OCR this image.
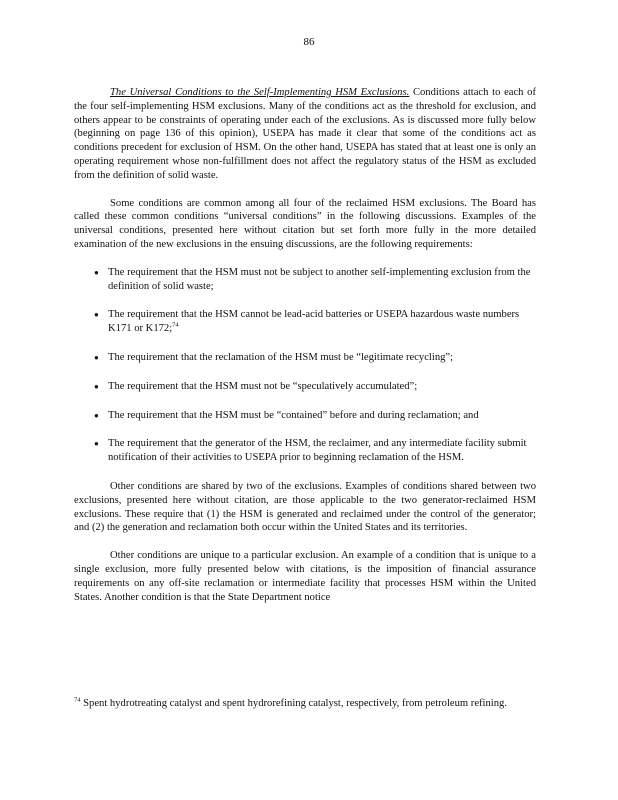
86

The Universal Conditions to the Self-Implementing HSM Exclusions. Conditions attach to each of the four self-implementing HSM exclusions. Many of the conditions act as the threshold for exclusion, and others appear to be constraints of operating under each of the exclusions. As is discussed more fully below (beginning on page 136 of this opinion), USEPA has made it clear that some of the conditions act as conditions precedent for exclusion of HSM. On the other hand, USEPA has stated that at least one is only an operating requirement whose non-fulfillment does not affect the regulatory status of the HSM as excluded from the definition of solid waste.

Some conditions are common among all four of the reclaimed HSM exclusions. The Board has called these common conditions “universal conditions” in the following discussions. Examples of the universal conditions, presented here without citation but set forth more fully in the more detailed examination of the new exclusions in the ensuing discussions, are the following requirements:

● The requirement that the HSM must not be subject to another self-implementing exclusion from the definition of solid waste;
● The requirement that the HSM cannot be lead-acid batteries or USEPA hazardous waste numbers K171 or K172;$^{74}$
● The requirement that the reclamation of the HSM must be “legitimate recycling”;
● The requirement that the HSM must not be “speculatively accumulated”;
● The requirement that the HSM must be “contained” before and during reclamation; and
● The requirement that the generator of the HSM, the reclaimer, and any intermediate facility submit notification of their activities to USEPA prior to beginning reclamation of the HSM.

Other conditions are shared by two of the exclusions. Examples of conditions shared between two exclusions, presented here without citation, are those applicable to the two generator-reclaimed HSM exclusions. These require that (1) the HSM is generated and reclaimed under the control of the generator; and (2) the generation and reclamation both occur within the United States and its territories.

Other conditions are unique to a particular exclusion. An example of a condition that is unique to a single exclusion, more fully presented below with citations, is the imposition of financial assurance requirements on any off-site reclamation or intermediate facility that processes HSM within the United States. Another condition is that the State Department notice

$^{74}$ Spent hydrotreating catalyst and spent hydrorefining catalyst, respectively, from petroleum refining.
